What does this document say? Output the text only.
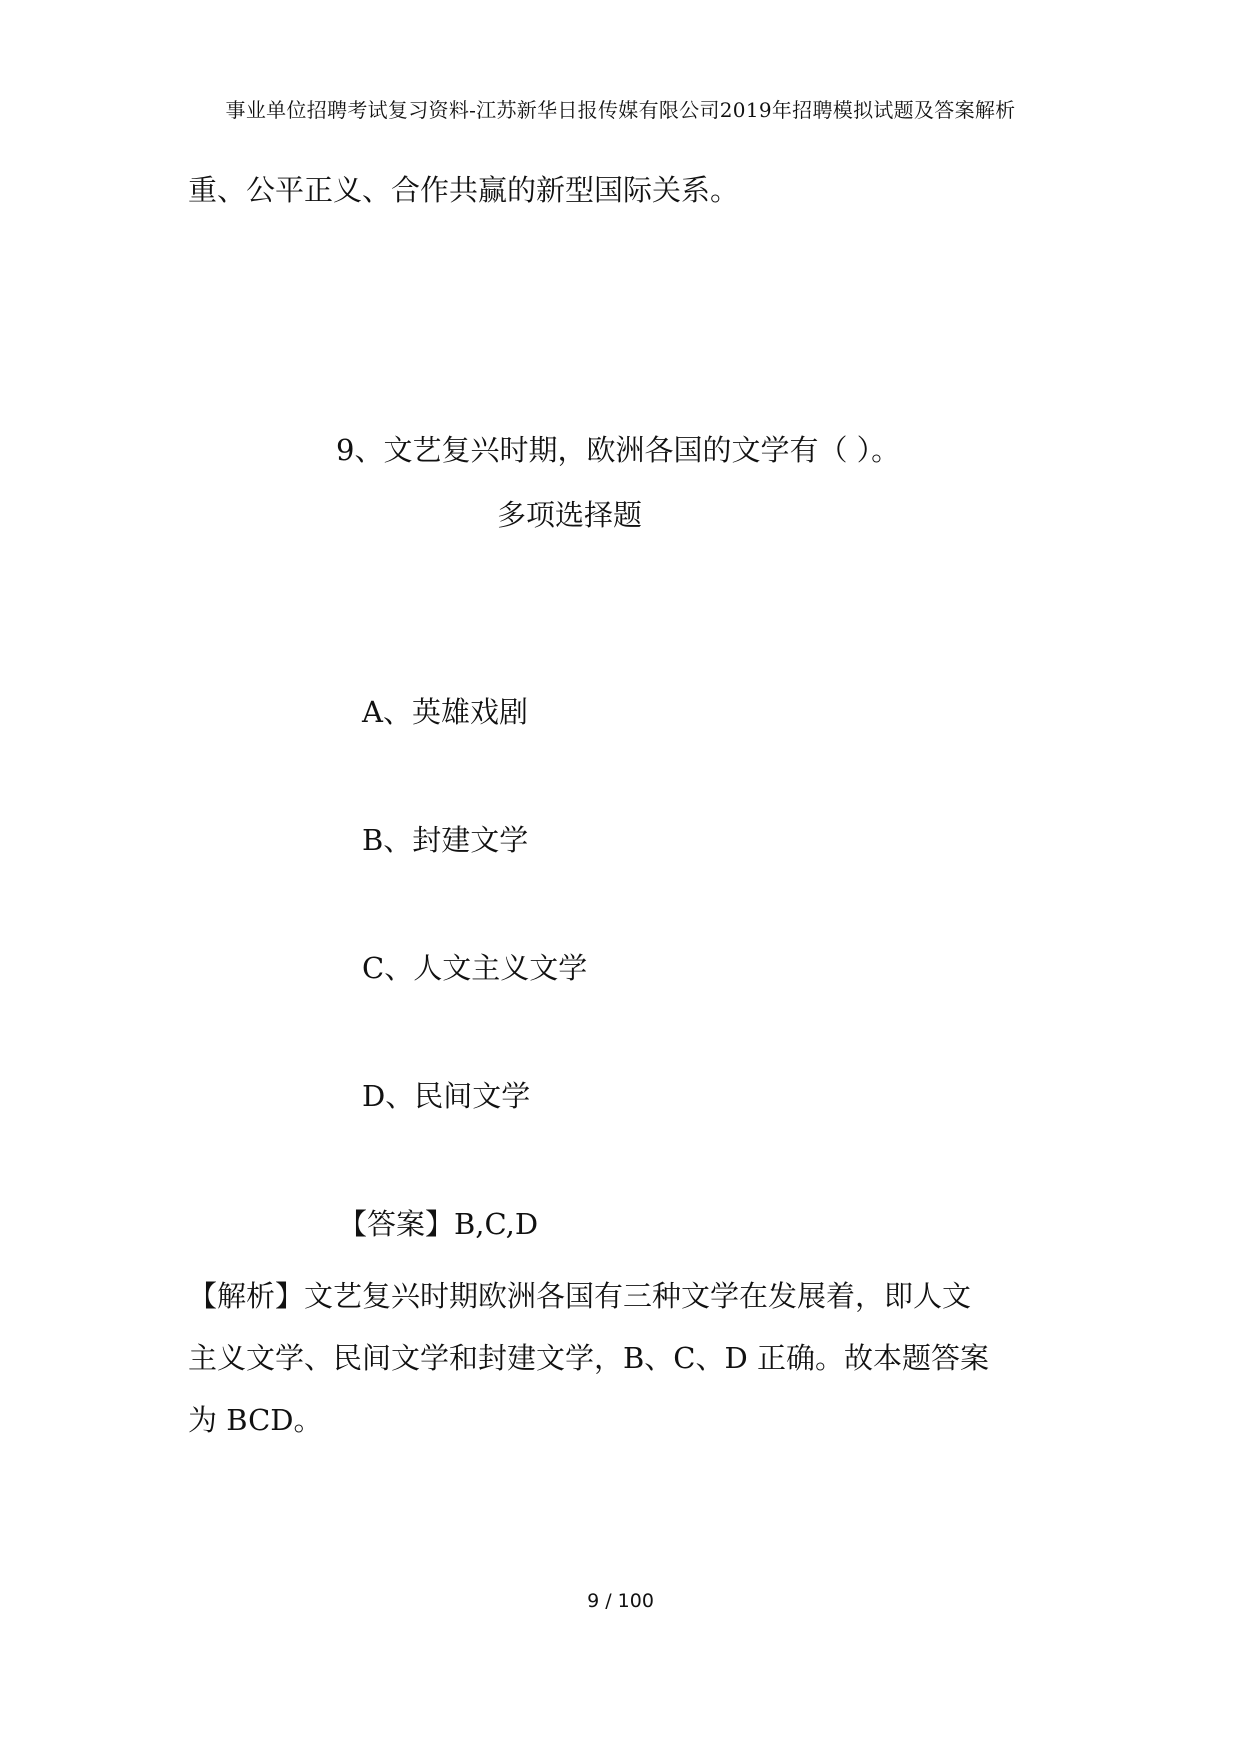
事业单位招聘考试复习资料-江苏新华日报传媒有限公司2019年招聘模拟试题及答案解析
重、公平正义、合作共赢的新型国际关系。
9、文艺复兴时期，欧洲各国的文学有（ ）。
多项选择题
A、英雄戏剧
B、封建文学
C、人文主义文学
D、民间文学
【答案】B,C,D
【解析】文艺复兴时期欧洲各国有三种文学在发展着，即人文
主义文学、民间文学和封建文学，B、C、D 正确。故本题答案
为 BCD。
9 / 100
